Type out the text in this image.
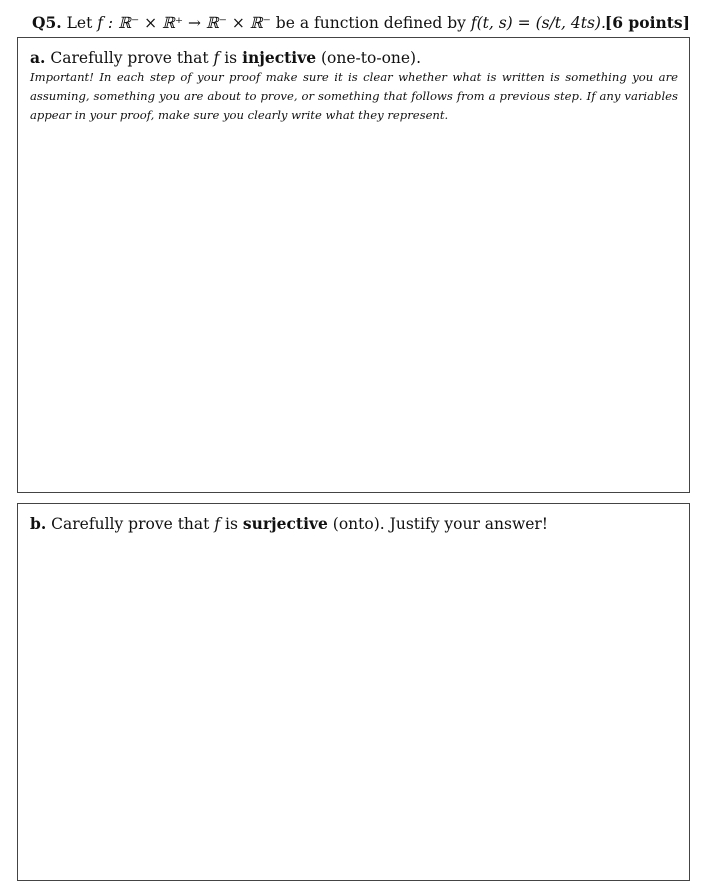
Q5. Let f : ℝ⁻ × ℝ⁺ → ℝ⁻ × ℝ⁻ be a function defined by f(t, s) = (s/t, 4ts). [6 points]
a. Carefully prove that f is injective (one-to-one).
Important! In each step of your proof make sure it is clear whether what is written is something you are assuming, something you are about to prove, or something that follows from a previous step. If any variables appear in your proof, make sure you clearly write what they represent.
b. Carefully prove that f is surjective (onto). Justify your answer!
